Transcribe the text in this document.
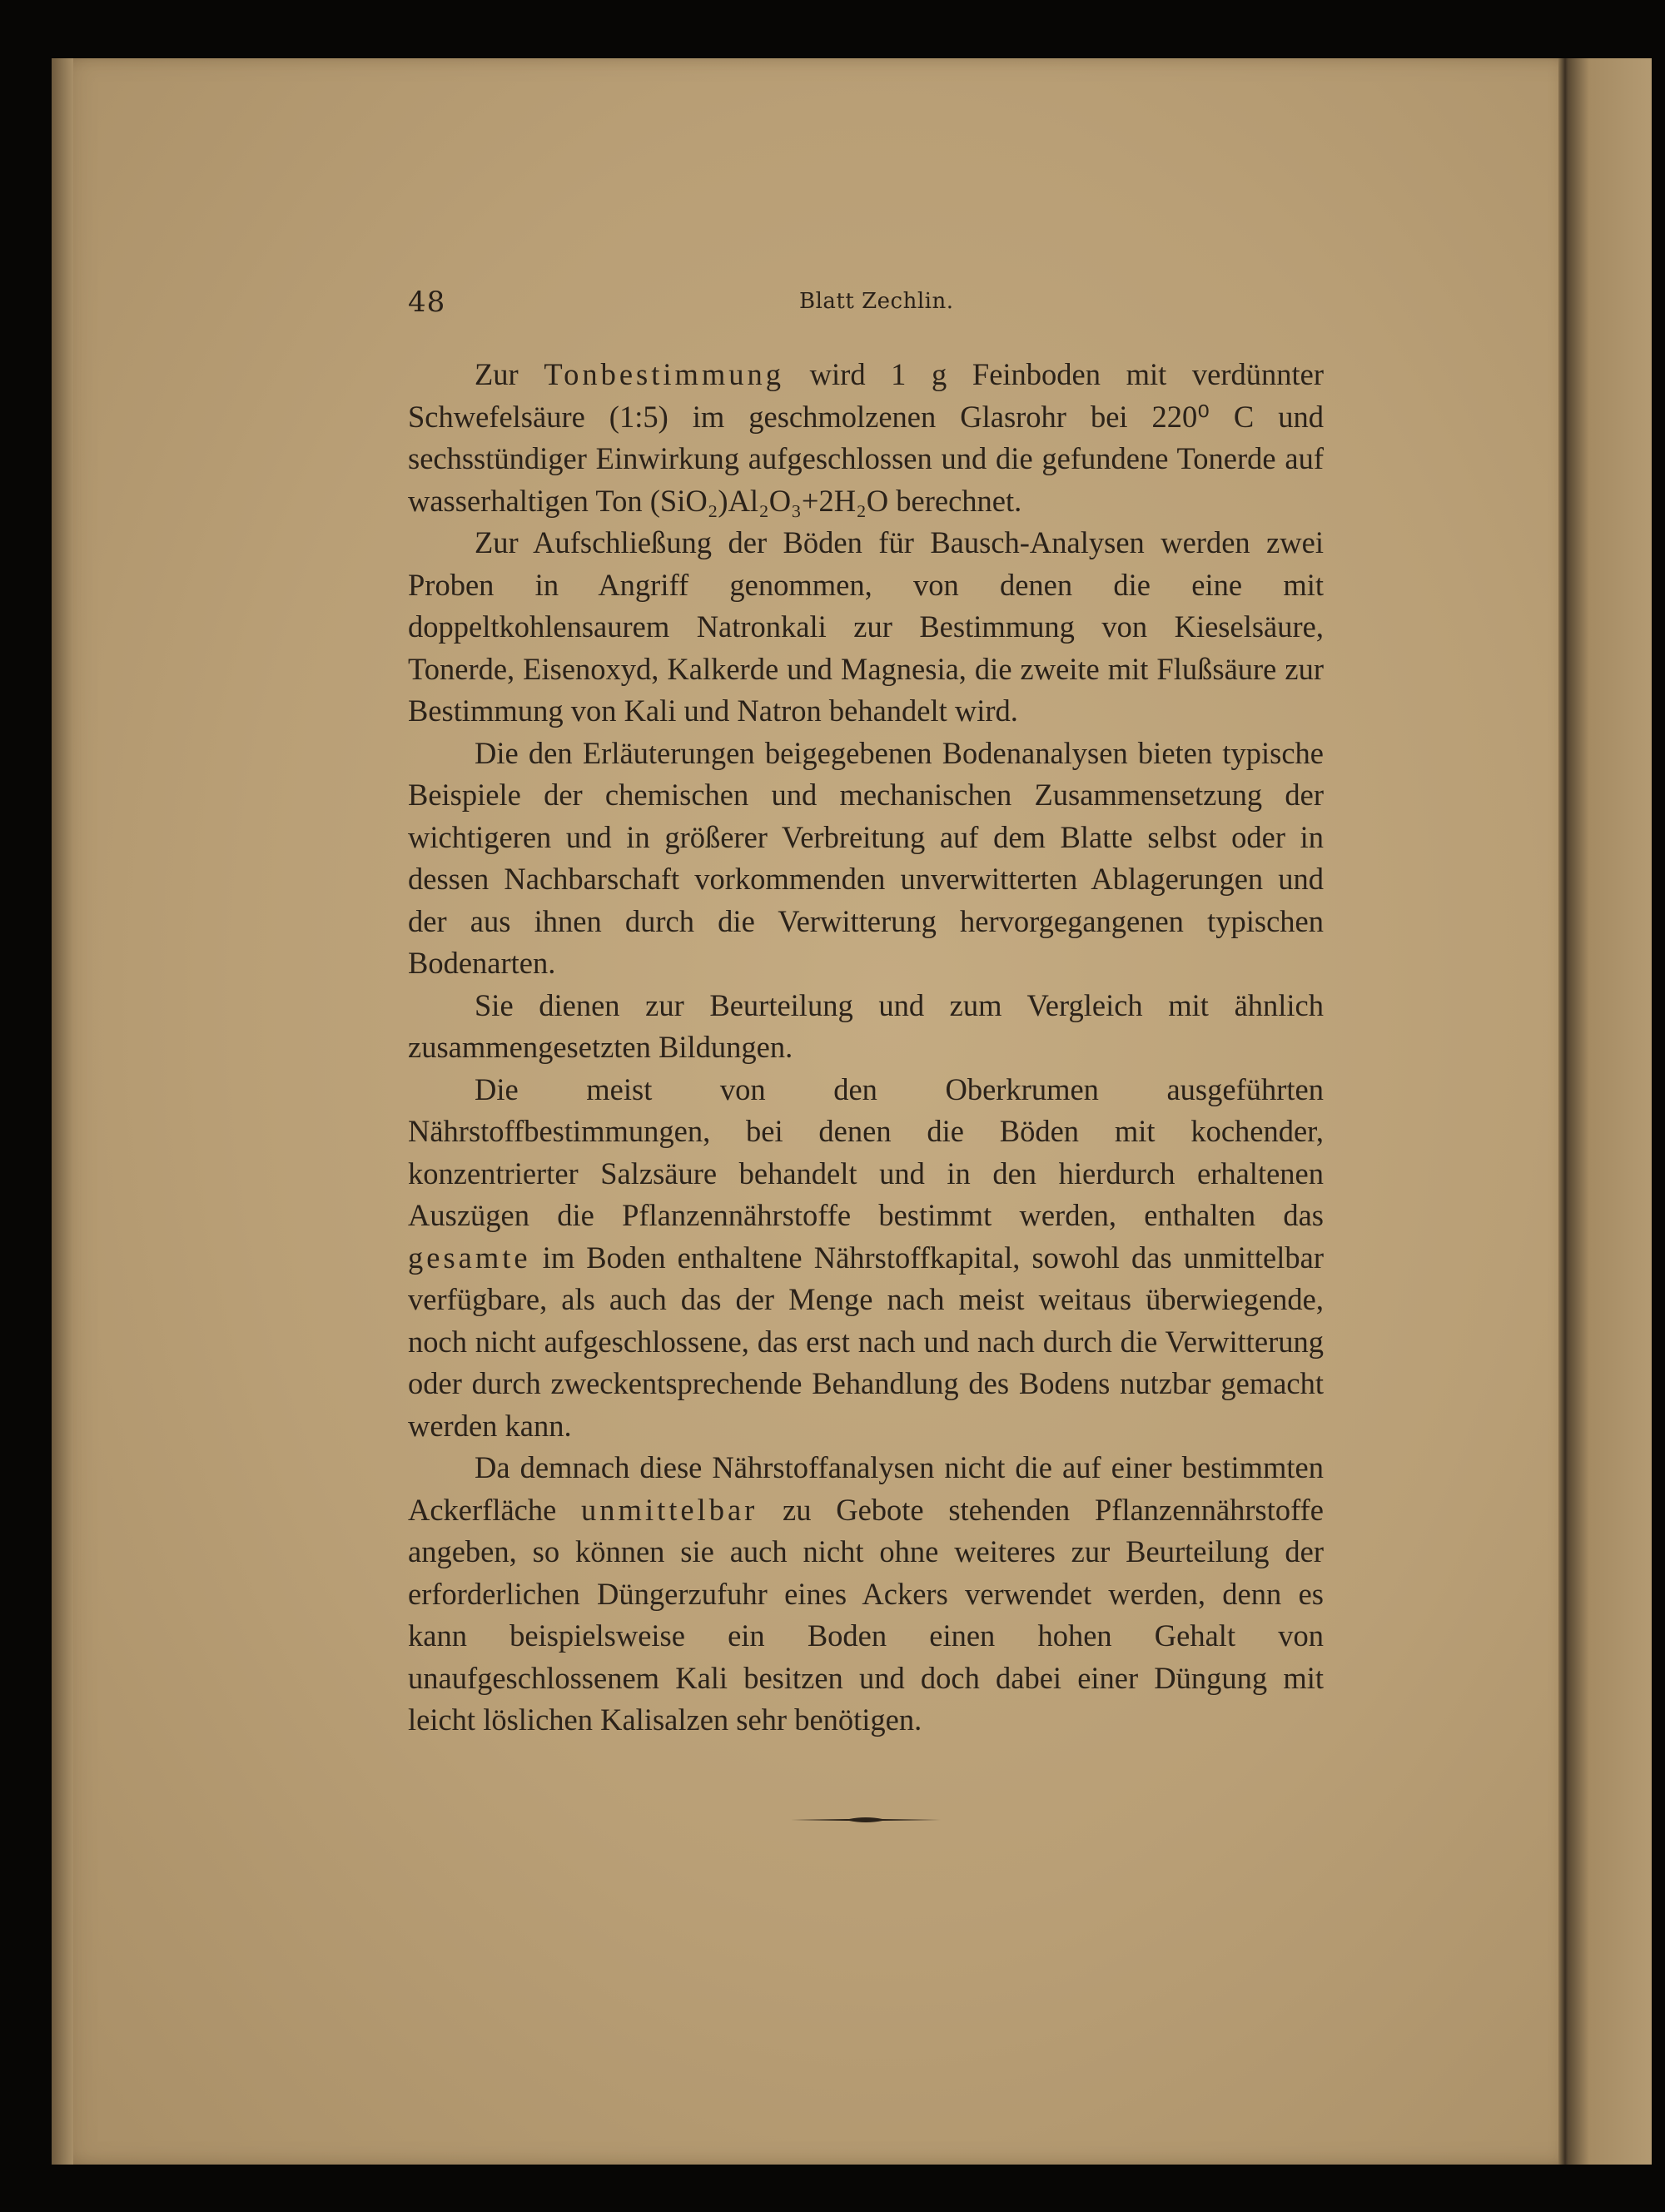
48	Blatt Zechlin.

Zur Tonbestimmung wird 1 g Feinboden mit verdünnter Schwefelsäure (1:5) im geschmolzenen Glasrohr bei 220⁰ C und sechsstündiger Einwirkung aufgeschlossen und die gefundene Tonerde auf wasserhaltigen Ton (SiO₂)Al₂O₃+2H₂O berechnet.

Zur Aufschließung der Böden für Bausch-Analysen werden zwei Proben in Angriff genommen, von denen die eine mit doppeltkohlensaurem Natronkali zur Bestimmung von Kieselsäure, Tonerde, Eisenoxyd, Kalkerde und Magnesia, die zweite mit Flußsäure zur Bestimmung von Kali und Natron behandelt wird.

Die den Erläuterungen beigegebenen Bodenanalysen bieten typische Beispiele der chemischen und mechanischen Zusammensetzung der wichtigeren und in größerer Verbreitung auf dem Blatte selbst oder in dessen Nachbarschaft vorkommenden unverwitterten Ablagerungen und der aus ihnen durch die Verwitterung hervorgegangenen typischen Bodenarten.

Sie dienen zur Beurteilung und zum Vergleich mit ähnlich zusammengesetzten Bildungen.

Die meist von den Oberkrumen ausgeführten Nährstoffbestimmungen, bei denen die Böden mit kochender, konzentrierter Salzsäure behandelt und in den hierdurch erhaltenen Auszügen die Pflanzennährstoffe bestimmt werden, enthalten das gesamte im Boden enthaltene Nährstoffkapital, sowohl das unmittelbar verfügbare, als auch das der Menge nach meist weitaus überwiegende, noch nicht aufgeschlossene, das erst nach und nach durch die Verwitterung oder durch zweckentsprechende Behandlung des Bodens nutzbar gemacht werden kann.

Da demnach diese Nährstoffanalysen nicht die auf einer bestimmten Ackerfläche unmittelbar zu Gebote stehenden Pflanzennährstoffe angeben, so können sie auch nicht ohne weiteres zur Beurteilung der erforderlichen Düngerzufuhr eines Ackers verwendet werden, denn es kann beispielsweise ein Boden einen hohen Gehalt von unaufgeschlossenem Kali besitzen und doch dabei einer Düngung mit leicht löslichen Kalisalzen sehr benötigen.
